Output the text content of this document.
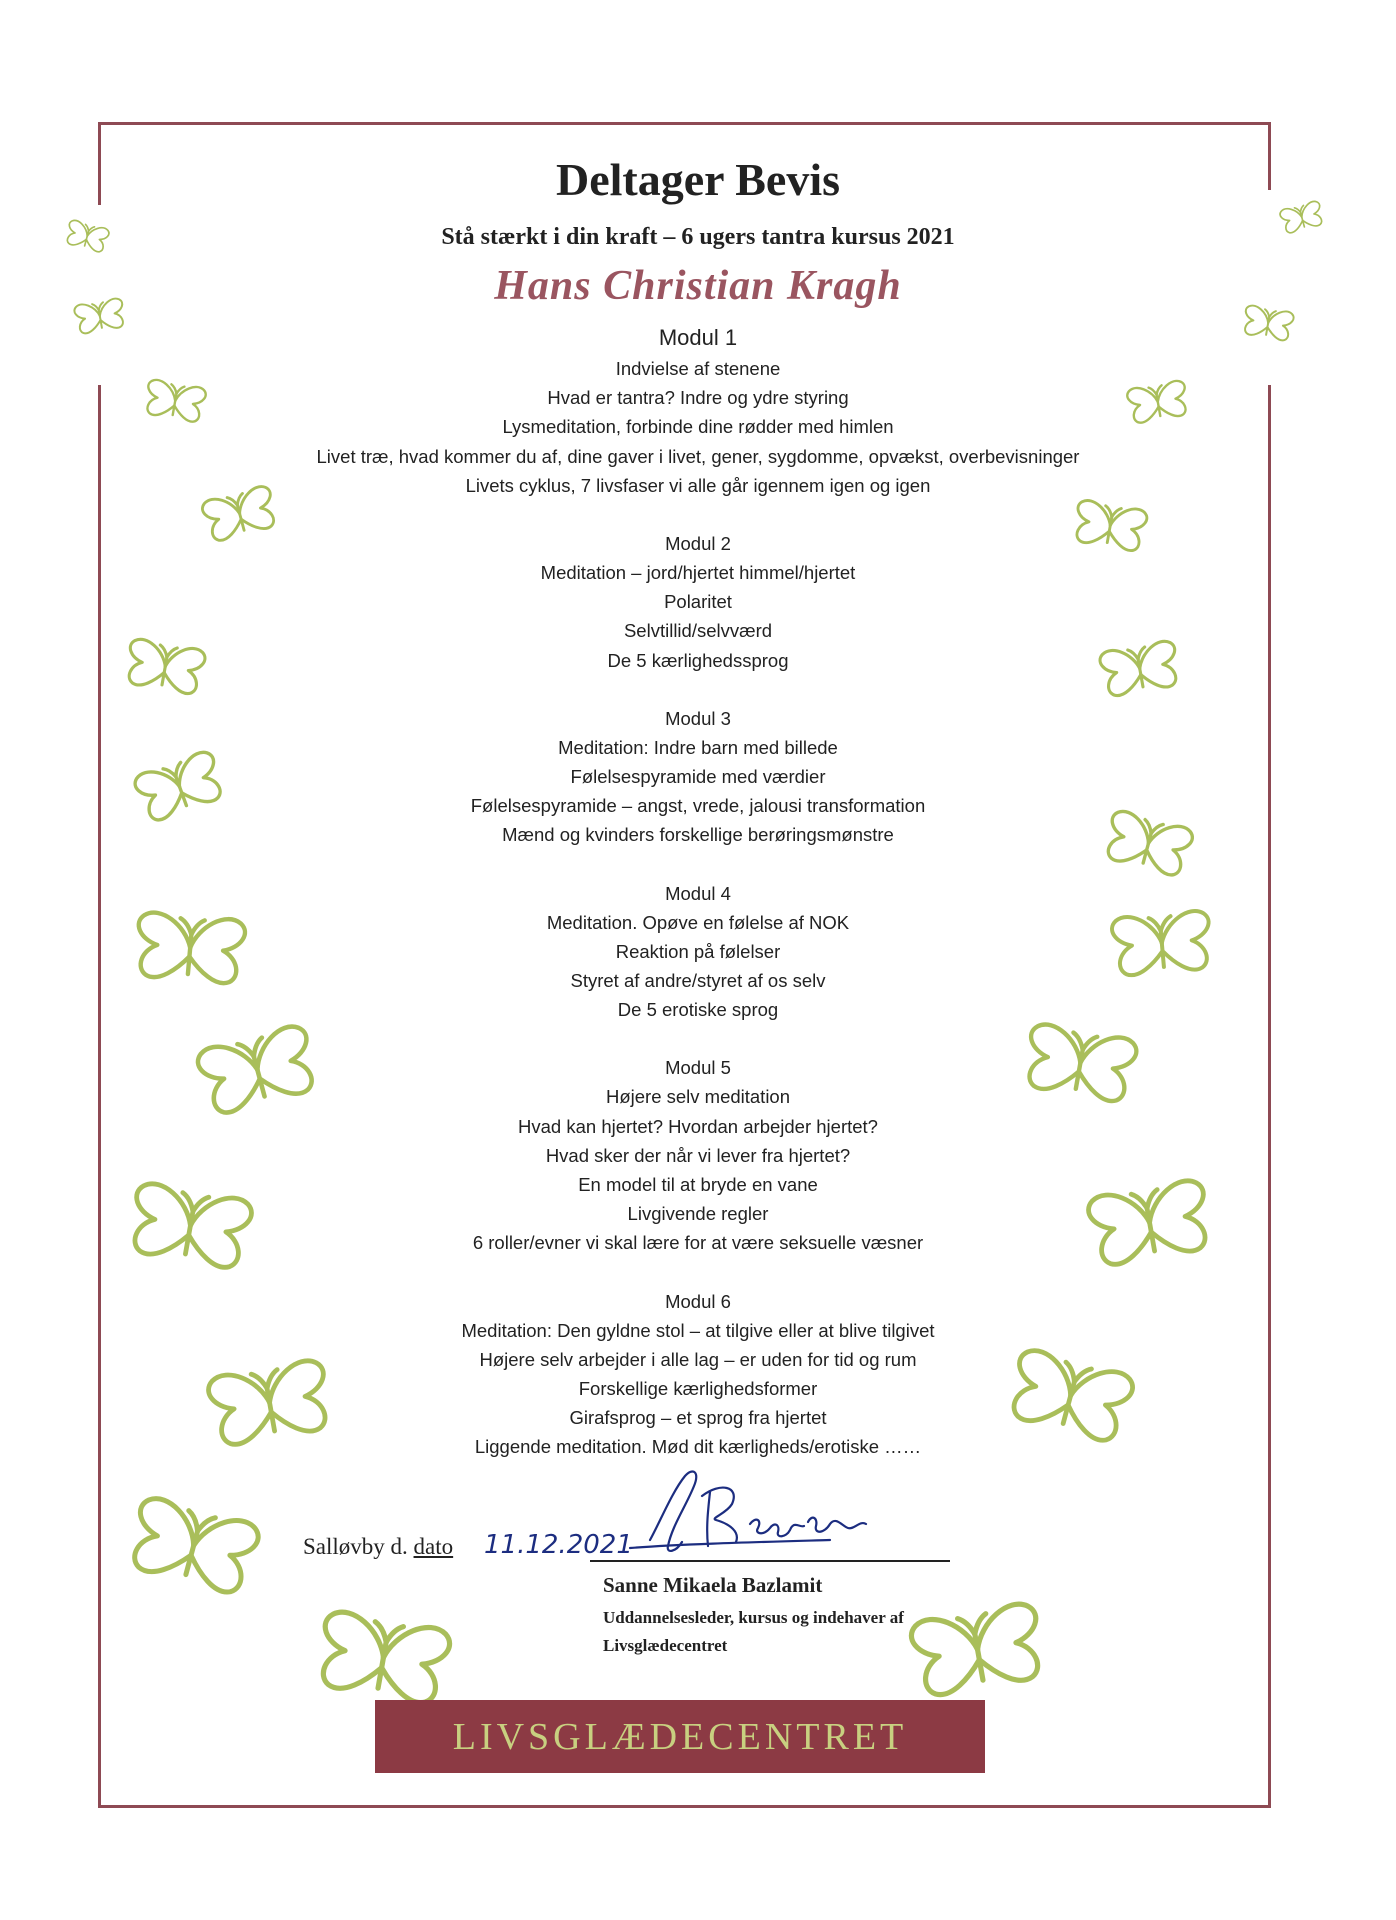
Deltager Bevis
Stå stærkt i din kraft – 6 ugers tantra kursus 2021
Hans Christian Kragh
Modul 1
Indvielse af stenene
Hvad er tantra? Indre og ydre styring
Lysmeditation, forbinde dine rødder med himlen
Livet træ, hvad kommer du af, dine gaver i livet, gener, sygdomme, opvækst, overbevisninger
Livets cyklus, 7 livsfaser vi alle går igennem igen og igen
Modul 2
Meditation – jord/hjertet himmel/hjertet
Polaritet
Selvtillid/selvværd
De 5 kærlighedssprog
Modul 3
Meditation: Indre barn med billede
Følelsespyramide med værdier
Følelsespyramide – angst, vrede, jalousi transformation
Mænd og kvinders forskellige berøringsmønstre
Modul 4
Meditation. Opøve en følelse af NOK
Reaktion på følelser
Styret af andre/styret af os selv
De 5 erotiske sprog
Modul 5
Højere selv meditation
Hvad kan hjertet? Hvordan arbejder hjertet?
Hvad sker der når vi lever fra hjertet?
En model til at bryde en vane
Livgivende regler
6 roller/evner vi skal lære for at være seksuelle væsner
Modul 6
Meditation: Den gyldne stol – at tilgive eller at blive tilgivet
Højere selv arbejder i alle lag – er uden for tid og rum
Forskellige kærlighedsformer
Girafsprog – et sprog fra hjertet
Liggende meditation. Mød dit kærligheds/erotiske ……
Salløvby d. dato 11.12.2021
Sanne Mikaela Bazlamit
Uddannelsesleder, kursus og indehaver af Livsglædecentret
LIVSGLÆDECENTRET
